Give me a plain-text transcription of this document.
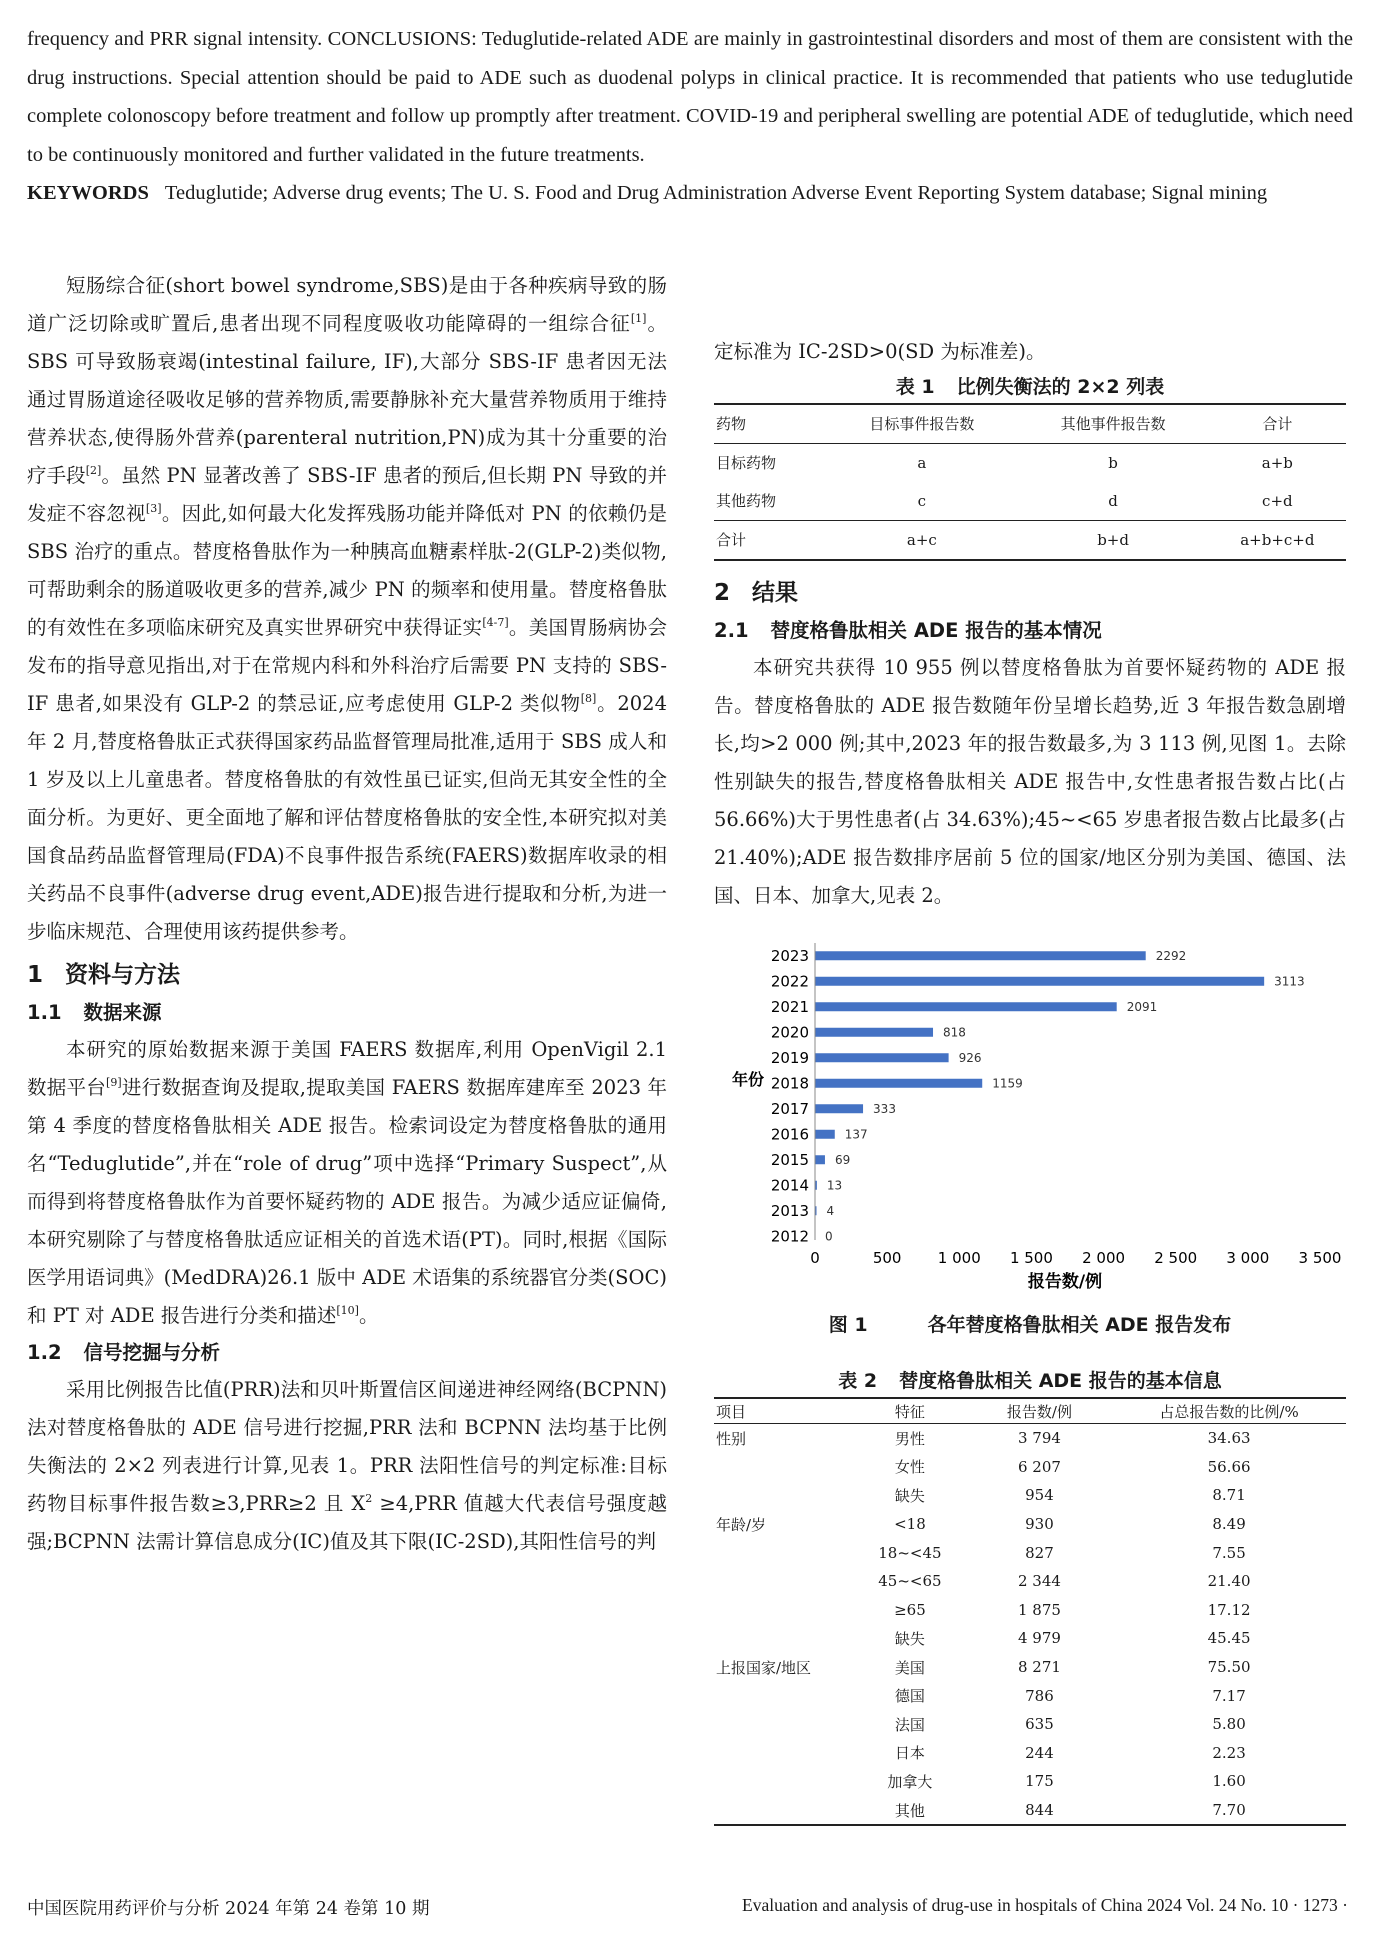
frequency and PRR signal intensity. CONCLUSIONS: Teduglutide-related ADE are mainly in gastrointestinal disorders and most of them are consistent with the drug instructions. Special attention should be paid to ADE such as duodenal polyps in clinical practice. It is recommended that patients who use teduglutide complete colonoscopy before treatment and follow up promptly after treatment. COVID-19 and peripheral swelling are potential ADE of teduglutide, which need to be continuously monitored and further validated in the future treatments.

KEYWORDS Teduglutide; Adverse drug events; The U. S. Food and Drug Administration Adverse Event Reporting System database; Signal mining

短肠综合征(short bowel syndrome,SBS)是由于各种疾病导致的肠道广泛切除或旷置后,患者出现不同程度吸收功能障碍的一组综合征[1]。SBS 可导致肠衰竭(intestinal failure, IF),大部分 SBS-IF 患者因无法通过胃肠道途径吸收足够的营养物质,需要静脉补充大量营养物质用于维持营养状态,使得肠外营养(parenteral nutrition,PN)成为其十分重要的治疗手段[2]。虽然 PN 显著改善了 SBS-IF 患者的预后,但长期 PN 导致的并发症不容忽视[3]。因此,如何最大化发挥残肠功能并降低对 PN 的依赖仍是 SBS 治疗的重点。替度格鲁肽作为一种胰高血糖素样肽-2(GLP-2)类似物,可帮助剩余的肠道吸收更多的营养,减少 PN 的频率和使用量。替度格鲁肽的有效性在多项临床研究及真实世界研究中获得证实[4-7]。美国胃肠病协会发布的指导意见指出,对于在常规内科和外科治疗后需要 PN 支持的 SBS-IF 患者,如果没有 GLP-2 的禁忌证,应考虑使用 GLP-2 类似物[8]。2024 年 2 月,替度格鲁肽正式获得国家药品监督管理局批准,适用于 SBS 成人和 1 岁及以上儿童患者。替度格鲁肽的有效性虽已证实,但尚无其安全性的全面分析。为更好、更全面地了解和评估替度格鲁肽的安全性,本研究拟对美国食品药品监督管理局(FDA)不良事件报告系统(FAERS)数据库收录的相关药品不良事件(adverse drug event,ADE)报告进行提取和分析,为进一步临床规范、合理使用该药提供参考。

1 资料与方法
1.1 数据来源

本研究的原始数据来源于美国 FAERS 数据库,利用 OpenVigil 2.1 数据平台[9]进行数据查询及提取,提取美国 FAERS 数据库建库至 2023 年第 4 季度的替度格鲁肽相关 ADE 报告。检索词设定为替度格鲁肽的通用名“Teduglutide”,并在“role of drug”项中选择“Primary Suspect”,从而得到将替度格鲁肽作为首要怀疑药物的 ADE 报告。为减少适应证偏倚,本研究剔除了与替度格鲁肽适应证相关的首选术语(PT)。同时,根据《国际医学用语词典》(MedDRA)26.1 版中 ADE 术语集的系统器官分类(SOC)和 PT 对 ADE 报告进行分类和描述[10]。

1.2 信号挖掘与分析

采用比例报告比值(PRR)法和贝叶斯置信区间递进神经网络(BCPNN)法对替度格鲁肽的 ADE 信号进行挖掘,PRR 法和 BCPNN 法均基于比例失衡法的 2×2 列表进行计算,见表 1。PRR 法阳性信号的判定标准:目标药物目标事件报告数≥3,PRR≥2 且 $X^2 \ge 4,PRR$ 值越大代表信号强度越强;BCPNN 法需计算信息成分(IC)值及其下限(IC-2SD),其阳性信号的判

定标准为 IC-2SD>0(SD 为标准差)。

表 1 比例失衡法的 2×2 列表
药物	目标事件报告数	其他事件报告数	合计
目标药物	a	b	a+b
其他药物	c	d	c+d
合计	a+c	b+d	a+b+c+d
2 结果
2.1 替度格鲁肽相关 ADE 报告的基本情况

本研究共获得 10 955 例以替度格鲁肽为首要怀疑药物的 ADE 报告。替度格鲁肽的 ADE 报告数随年份呈增长趋势,近 3 年报告数急剧增长,均>2 000 例;其中,2023 年的报告数最多,为 3 113 例,见图 1。去除性别缺失的报告,替度格鲁肽相关 ADE 报告中,女性患者报告数占比(占 56.66%)大于男性患者(占 34.63%);45~<65 岁患者报告数占比最多(占 21.40%);ADE 报告数排序居前 5 位的国家/地区分别为美国、德国、法国、日本、加拿大,见表 2。

2292
3113
2091
818
926
1159
333
137
69
13
4
0
2023
2022
2021
2020
2019
2018
2017
2016
2015
2014
2013
2012
0	500 1 000 1 500 2 000 2 500 3 000 3 500
年份
报告数/例
图 1	各年替度格鲁肽相关 ADE 报告发布
表 2 替度格鲁肽相关 ADE 报告的基本信息
项目	特征	报告数/例	占总报告数的比例/%
性别	男性	3 794	34.63
	女性	6 207	56.66
	缺失	954	8.71
年龄/岁	<18	930	8.49
	18~<45	827	7.55
	45~<65	2 344	21.40
	≥65	1 875	17.12
	缺失	4 979	45.45
上报国家/地区	美国	8 271	75.50
	德国	786	7.17
	法国	635	5.80
	日本	244	2.23
	加拿大	175	1.60
	其他	844	7.70
中国医院用药评价与分析 2024 年第 24 卷第 10 期	Evaluation and analysis of drug-use in hospitals of China 2024 Vol. 24 No. 10 · 1273 ·
